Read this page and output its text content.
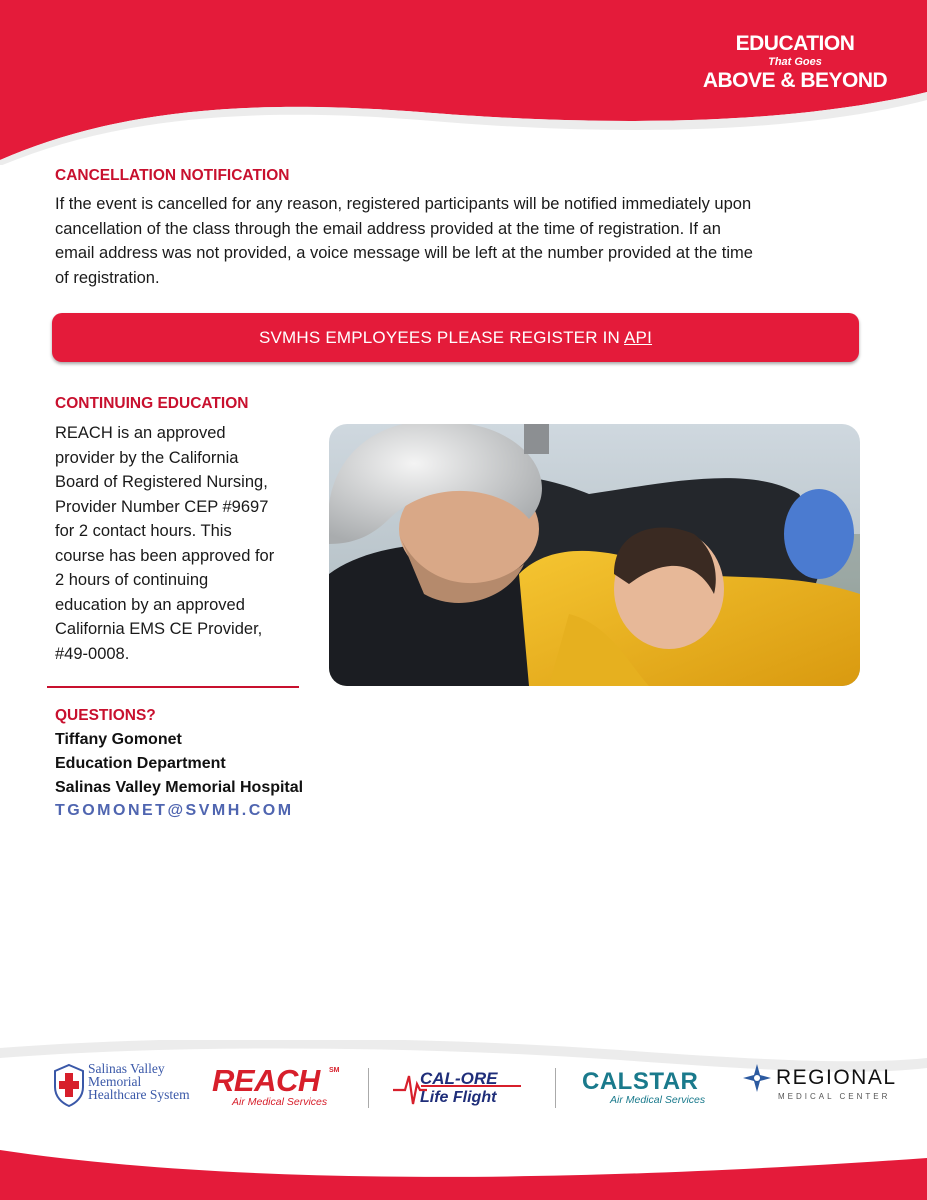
EDUCATION
That Goes
ABOVE & BEYOND
CANCELLATION NOTIFICATION
If the event is cancelled for any reason, registered participants will be notified immediately upon
cancellation of the class through the email address provided at the time of registration. If an
email address was not provided, a voice message will be left at the number provided at the time
of registration.
SVMHS EMPLOYEES PLEASE REGISTER IN API
CONTINUING EDUCATION
REACH is an approved
provider by the California
Board of Registered Nursing,
Provider Number CEP #9697
for 2 contact hours. This
course has been approved for
2 hours of continuing
education by an approved
California EMS CE Provider,
#49-0008.
QUESTIONS?
Tiffany Gomonet
Education Department
Salinas Valley Memorial Hospital
TGOMONET@SVMH.COM
Salinas Valley
Memorial
Healthcare System REACH SM
Air Medical Services
CAL-ORE
Life Flight
CALSTAR
Air Medical Services
REGIONAL
MEDICAL CENTER
